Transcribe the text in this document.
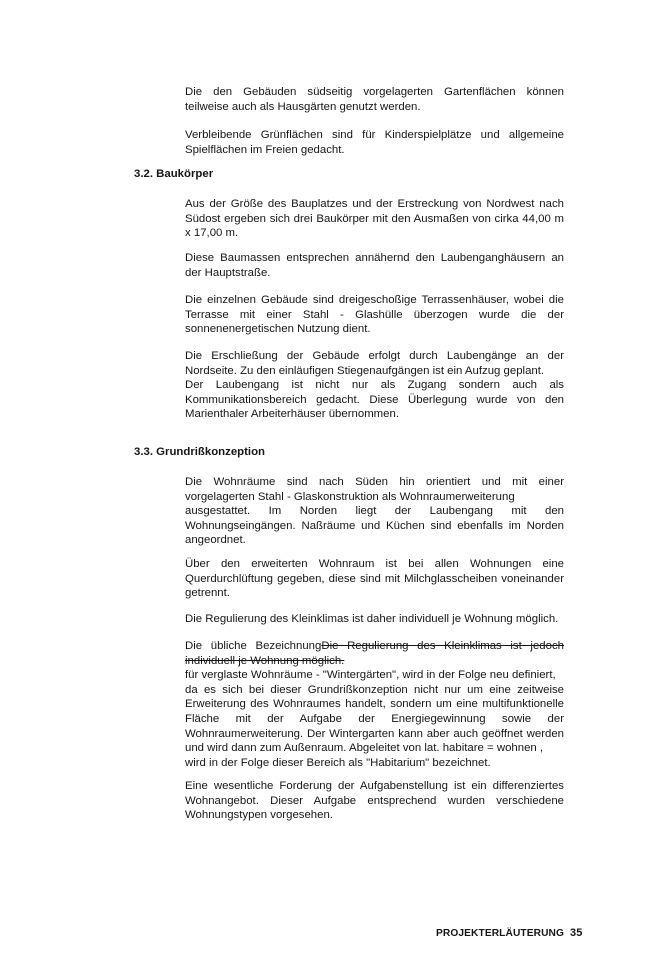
Die den Gebäuden südseitig vorgelagerten Gartenflächen können
teilweise auch als Hausgärten genutzt werden.
Verbleibende Grünflächen sind für Kinderspielplätze und allgemeine
Spielflächen im Freien gedacht.
3.2. Baukörper
Aus der Größe des Bauplatzes und der Erstreckung von Nordwest nach
Südost ergeben sich drei Baukörper mit den Ausmaßen von cirka 44,00 m
x 17,00 m.
Diese Baumassen entsprechen annähernd den Laubenganghäusern an
der Hauptstraße.
Die einzelnen Gebäude sind dreigeschoßige Terrassenhäuser, wobei die
Terrasse mit einer Stahl - Glashülle überzogen wurde die der
sonnenenergetischen Nutzung dient.
Die Erschließung der Gebäude erfolgt durch Laubengänge an der
Nordseite. Zu den einläufigen Stiegenaufgängen ist ein Aufzug geplant.
Der Laubengang ist nicht nur als Zugang sondern auch als
Kommunikationsbereich gedacht. Diese Überlegung wurde von den
Marienthaler Arbeiterhäuser übernommen.
3.3. Grundrißkonzeption
Die Wohnräume sind nach Süden hin orientiert und mit einer
vorgelagerten Stahl - Glaskonstruktion als Wohnraumerweiterung
ausgestattet. Im Norden liegt der Laubengang mit den
Wohnungseingängen. Naßräume und Küchen sind ebenfalls im Norden
angeordnet.
Über den erweiterten Wohnraum ist bei allen Wohnungen eine
Querdurchlüftung gegeben, diese sind mit Milchglasscheiben voneinander
getrennt.
Die Regulierung des Kleinklimas ist daher individuell je Wohnung möglich.
Die übliche BezeichnungDie Regulierung des Kleinklimas ist jedoch
individuell je Wohnung möglich.
für verglaste Wohnräume - "Wintergärten", wird in der Folge neu definiert,
da es sich bei dieser Grundrißkonzeption nicht nur um eine zeitweise
Erweiterung des Wohnraumes handelt, sondern um eine multifunktionelle
Fläche mit der Aufgabe der Energiegewinnung sowie der
Wohnraumerweiterung. Der Wintergarten kann aber auch geöffnet werden
und wird dann zum Außenraum. Abgeleitet von lat. habitare = wohnen ,
wird in der Folge dieser Bereich als "Habitarium" bezeichnet.
Eine wesentliche Forderung der Aufgabenstellung ist ein differenziertes
Wohnangebot. Dieser Aufgabe entsprechend wurden verschiedene
Wohnungstypen vorgesehen.
PROJEKTERLÄUTERUNG 35
